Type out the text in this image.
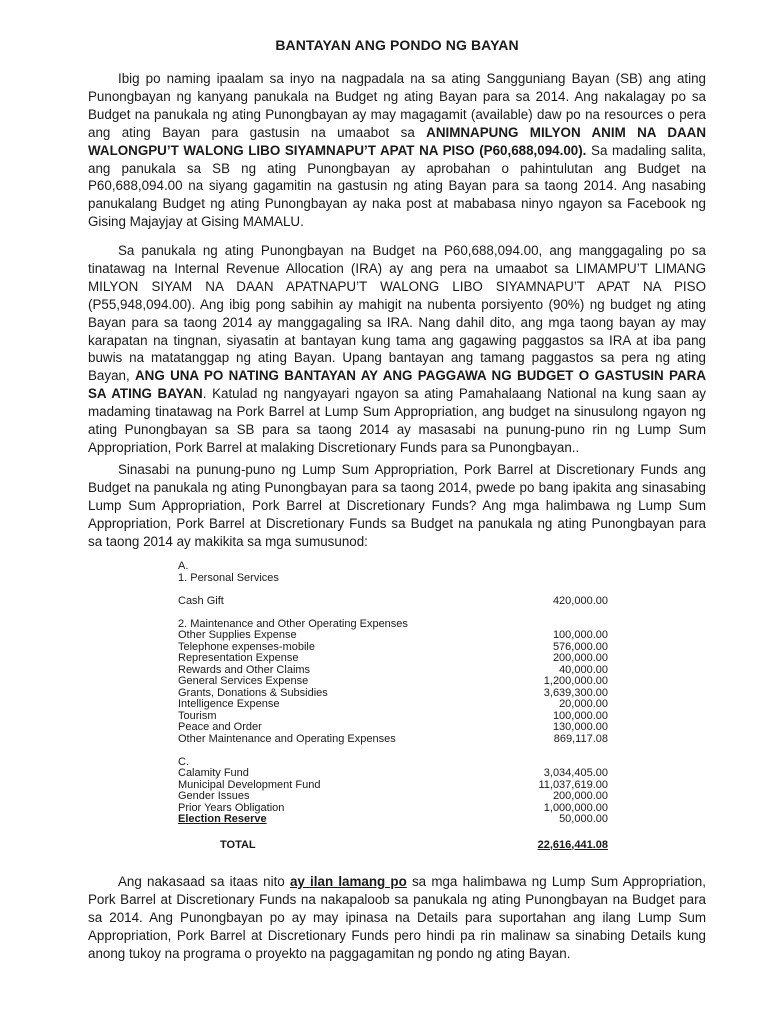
BANTAYAN ANG PONDO NG BAYAN

Ibig po naming ipaalam sa inyo na nagpadala na sa ating Sangguniang Bayan (SB) ang ating Punongbayan ng kanyang panukala na Budget ng ating Bayan para sa 2014. Ang nakalagay po sa Budget na panukala ng ating Punongbayan ay may magagamit (available) daw po na resources o pera ang ating Bayan para gastusin na umaabot sa ANIMNAPUNG MILYON ANIM NA DAAN WALONGPU’T WALONG LIBO SIYAMNAPU’T APAT NA PISO (P60,688,094.00). Sa madaling salita, ang panukala sa SB ng ating Punongbayan ay aprobahan o pahintulutan ang Budget na P60,688,094.00 na siyang gagamitin na gastusin ng ating Bayan para sa taong 2014. Ang nasabing panukalang Budget ng ating Punongbayan ay naka post at mababasa ninyo ngayon sa Facebook ng Gising Majayjay at Gising MAMALU.

Sa panukala ng ating Punongbayan na Budget na P60,688,094.00, ang manggagaling po sa tinatawag na Internal Revenue Allocation (IRA) ay ang pera na umaabot sa LIMAMPU’T LIMANG MILYON SIYAM NA DAAN APATNAPU’T WALONG LIBO SIYAMNAPU’T APAT NA PISO (P55,948,094.00). Ang ibig pong sabihin ay mahigit na nubenta porsiyento (90%) ng budget ng ating Bayan para sa taong 2014 ay manggagaling sa IRA. Nang dahil dito, ang mga taong bayan ay may karapatan na tingnan, siyasatin at bantayan kung tama ang gagawing paggastos sa IRA at iba pang buwis na matatanggap ng ating Bayan. Upang bantayan ang tamang paggastos sa pera ng ating Bayan, ANG UNA PO NATING BANTAYAN AY ANG PAGGAWA NG BUDGET O GASTUSIN PARA SA ATING BAYAN. Katulad ng nangyayari ngayon sa ating Pamahalaang National na kung saan ay madaming tinatawag na Pork Barrel at Lump Sum Appropriation, ang budget na sinusulong ngayon ng ating Punongbayan sa SB para sa taong 2014 ay masasabi na punung-puno rin ng Lump Sum Appropriation, Pork Barrel at malaking Discretionary Funds para sa Punongbayan..

Sinasabi na punung-puno ng Lump Sum Appropriation, Pork Barrel at Discretionary Funds ang Budget na panukala ng ating Punongbayan para sa taong 2014, pwede po bang ipakita ang sinasabing Lump Sum Appropriation, Pork Barrel at Discretionary Funds? Ang mga halimbawa ng Lump Sum Appropriation, Pork Barrel at Discretionary Funds sa Budget na panukala ng ating Punongbayan para sa taong 2014 ay makikita sa mga sumusunod:

A.
1. Personal Services
Cash Gift	420,000.00
2. Maintenance and Other Operating Expenses
Other Supplies Expense	100,000.00
Telephone expenses-mobile	576,000.00
Representation Expense	200,000.00
Rewards and Other Claims	40,000.00
General Services Expense	1,200,000.00
Grants, Donations & Subsidies	3,639,300.00
Intelligence Expense	20,000.00
Tourism	100,000.00
Peace and Order	130,000.00
Other Maintenance and Operating Expenses	869,117.08
C.
Calamity Fund	3,034,405.00
Municipal Development Fund	11,037,619.00
Gender Issues	200,000.00
Prior Years Obligation	1,000,000.00
Election Reserve	50,000.00
TOTAL	22,616,441.08

Ang nakasaad sa itaas nito ay ilan lamang po sa mga halimbawa ng Lump Sum Appropriation, Pork Barrel at Discretionary Funds na nakapaloob sa panukala ng ating Punongbayan na Budget para sa 2014. Ang Punongbayan po ay may ipinasa na Details para suportahan ang ilang Lump Sum Appropriation, Pork Barrel at Discretionary Funds pero hindi pa rin malinaw sa sinabing Details kung anong tukoy na programa o proyekto na paggagamitan ng pondo ng ating Bayan.
